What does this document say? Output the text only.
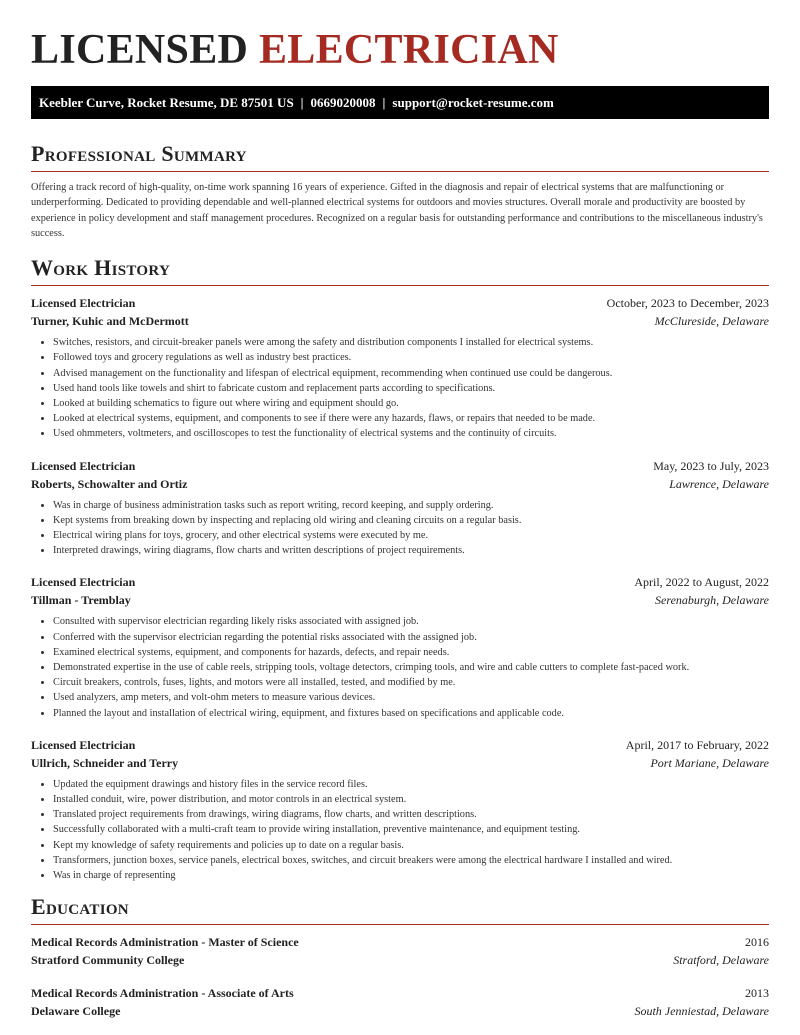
LICENSED ELECTRICIAN
Keebler Curve, Rocket Resume, DE 87501 US | 0669020008 | support@rocket-resume.com
Professional Summary

Offering a track record of high-quality, on-time work spanning 16 years of experience. Gifted in the diagnosis and repair of electrical systems that are malfunctioning or underperforming. Dedicated to providing dependable and well-planned electrical systems for outdoors and movies structures. Overall morale and productivity are boosted by experience in policy development and staff management procedures. Recognized on a regular basis for outstanding performance and contributions to the miscellaneous industry's success.

Work History
Licensed Electrician	October, 2023 to December, 2023
Turner, Kuhic and McDermott	McClureside, Delaware
• Switches, resistors, and circuit-breaker panels were among the safety and distribution components I installed for electrical systems.
• Followed toys and grocery regulations as well as industry best practices.
• Advised management on the functionality and lifespan of electrical equipment, recommending when continued use could be dangerous.
• Used hand tools like towels and shirt to fabricate custom and replacement parts according to specifications.
• Looked at building schematics to figure out where wiring and equipment should go.
• Looked at electrical systems, equipment, and components to see if there were any hazards, flaws, or repairs that needed to be made.
• Used ohmmeters, voltmeters, and oscilloscopes to test the functionality of electrical systems and the continuity of circuits.
Licensed Electrician	May, 2023 to July, 2023
Roberts, Schowalter and Ortiz	Lawrence, Delaware
• Was in charge of business administration tasks such as report writing, record keeping, and supply ordering.
• Kept systems from breaking down by inspecting and replacing old wiring and cleaning circuits on a regular basis.
• Electrical wiring plans for toys, grocery, and other electrical systems were executed by me.
• Interpreted drawings, wiring diagrams, flow charts and written descriptions of project requirements.
Licensed Electrician	April, 2022 to August, 2022
Tillman - Tremblay	Serenaburgh, Delaware
• Consulted with supervisor electrician regarding likely risks associated with assigned job.
• Conferred with the supervisor electrician regarding the potential risks associated with the assigned job.
• Examined electrical systems, equipment, and components for hazards, defects, and repair needs.
• Demonstrated expertise in the use of cable reels, stripping tools, voltage detectors, crimping tools, and wire and cable cutters to complete fast-paced work.
• Circuit breakers, controls, fuses, lights, and motors were all installed, tested, and modified by me.
• Used analyzers, amp meters, and volt-ohm meters to measure various devices.
• Planned the layout and installation of electrical wiring, equipment, and fixtures based on specifications and applicable code.
Licensed Electrician	April, 2017 to February, 2022
Ullrich, Schneider and Terry	Port Mariane, Delaware
• Updated the equipment drawings and history files in the service record files.
• Installed conduit, wire, power distribution, and motor controls in an electrical system.
• Translated project requirements from drawings, wiring diagrams, flow charts, and written descriptions.
• Successfully collaborated with a multi-craft team to provide wiring installation, preventive maintenance, and equipment testing.
• Kept my knowledge of safety requirements and policies up to date on a regular basis.
• Transformers, junction boxes, service panels, electrical boxes, switches, and circuit breakers were among the electrical hardware I installed and wired.
• Was in charge of representing
Education
Medical Records Administration - Master of Science	2016
Stratford Community College	Stratford, Delaware
Medical Records Administration - Associate of Arts	2013
Delaware College	South Jenniestad, Delaware
